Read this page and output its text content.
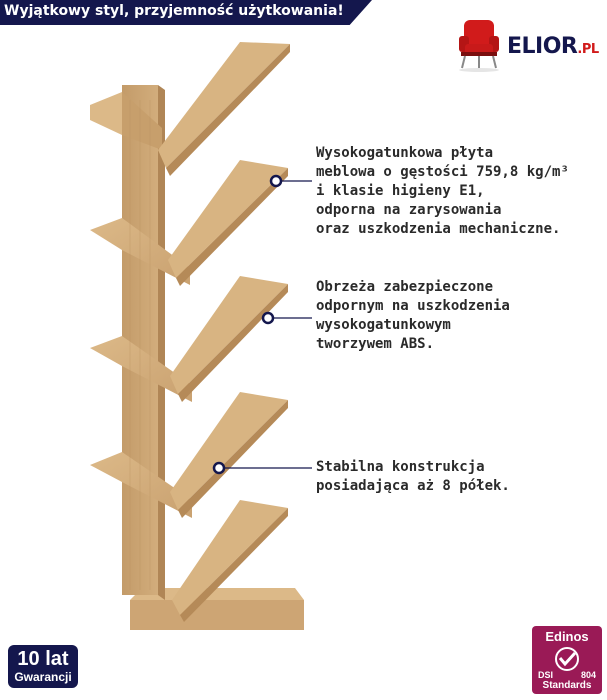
Wyjątkowy styl, przyjemność użytkowania!
ELIOR.PL
Wysokogatunkowa płyta
meblowa o gęstości 759,8 kg/m³
i klasie higieny E1,
odporna na zarysowania
oraz uszkodzenia mechaniczne.
Obrzeża zabezpieczone
odpornym na uszkodzenia
wysokogatunkowym
tworzywem ABS.
Stabilna konstrukcja
posiadająca aż 8 półek.
10 lat
Gwarancji
Edinos
DSI	804
Standards
